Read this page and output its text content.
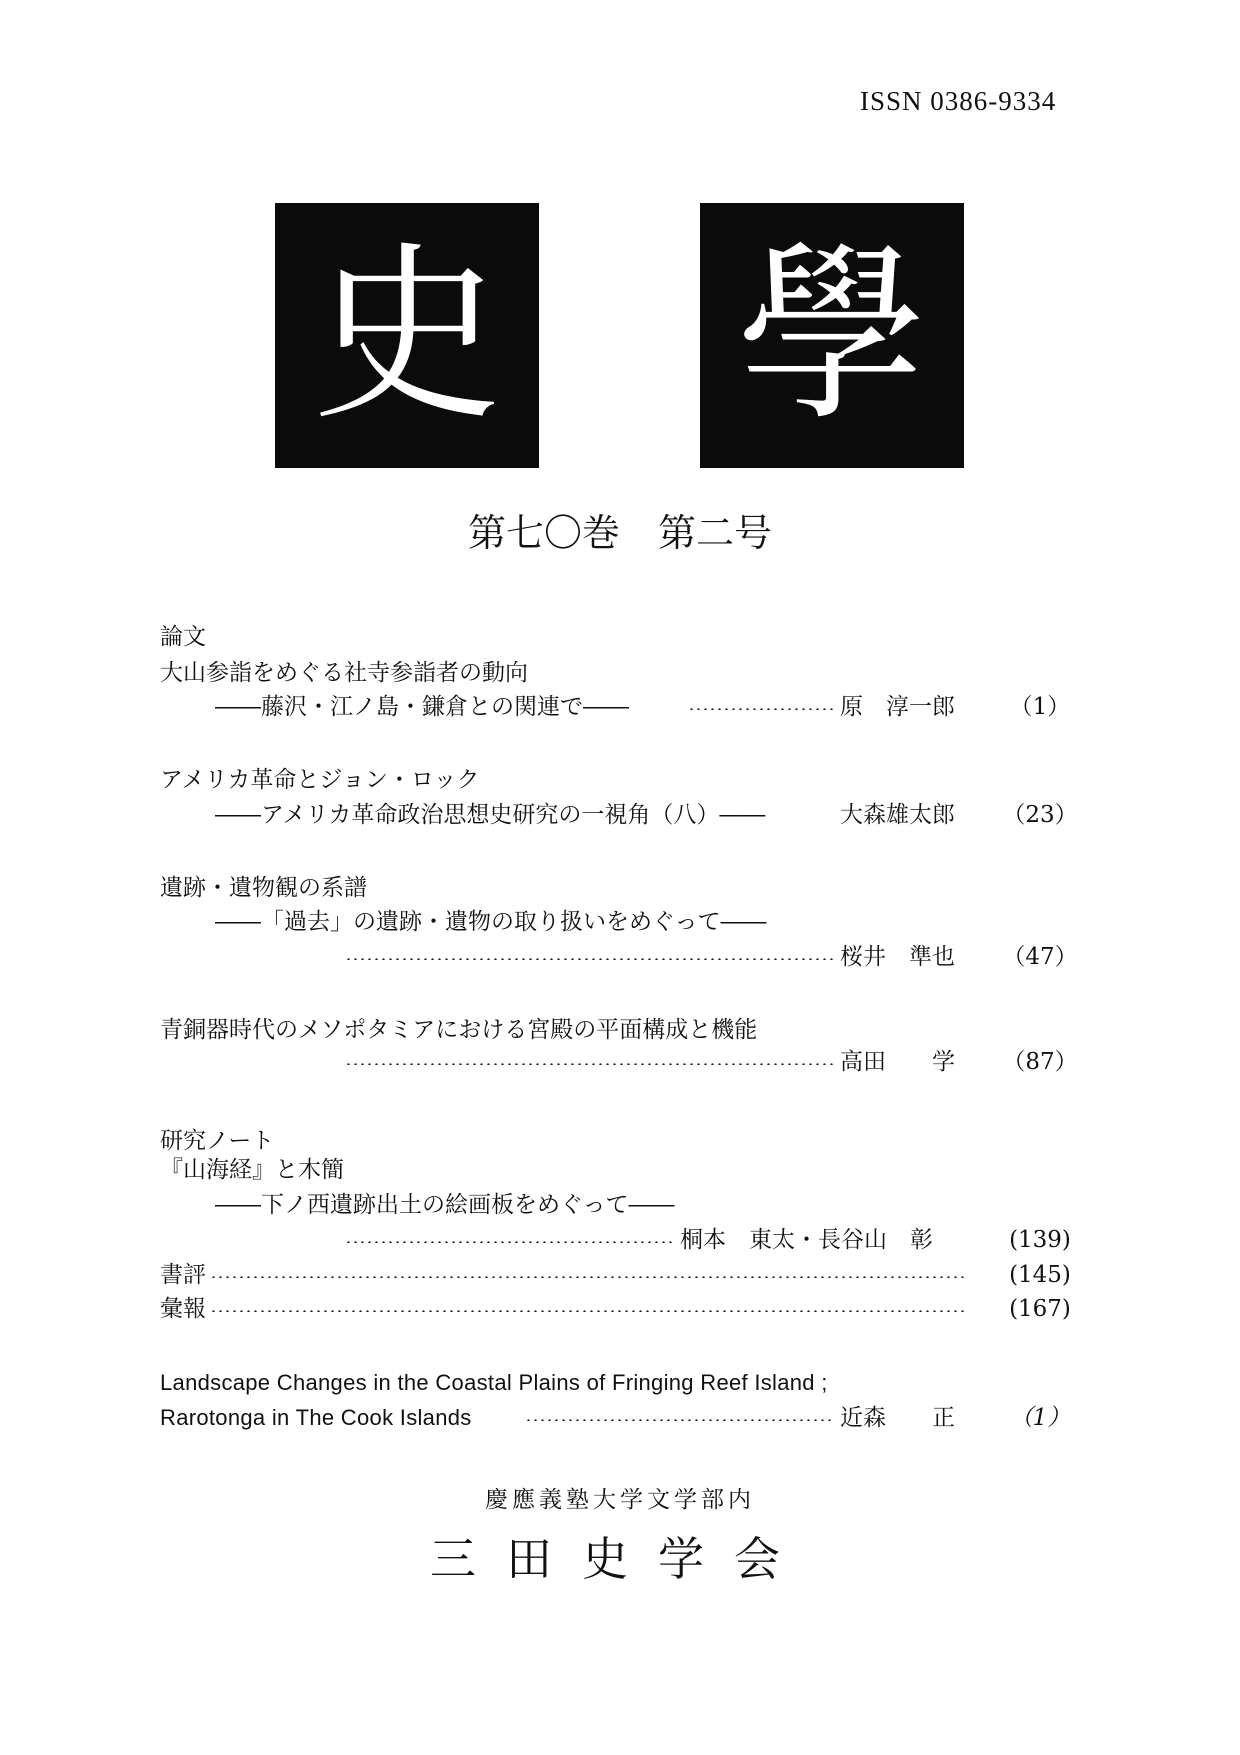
ISSN 0386-9334
史 學
第七〇巻　第二号
論文
大山参詣をめぐる社寺参詣者の動向
――藤沢・江ノ島・鎌倉との関連で――	原　淳一郎	（1）
アメリカ革命とジョン・ロック
――アメリカ革命政治思想史研究の一視角（八）――	大森雄太郎	（23）
遺跡・遺物観の系譜
――「過去」の遺跡・遺物の取り扱いをめぐって――
桜井　準也	（47）
青銅器時代のメソポタミアにおける宮殿の平面構成と機能
高田　　学	（87）
研究ノート
『山海経』と木簡
――下ノ西遺跡出土の絵画板をめぐって――
桐本　東太・長谷山　彰	(139)
書評	(145)
彙報	(167)
Landscape Changes in the Coastal Plains of Fringing Reef Island ;
Rarotonga in The Cook Islands	近森　　正	（1）
慶應義塾大学文学部内
三田史学会
